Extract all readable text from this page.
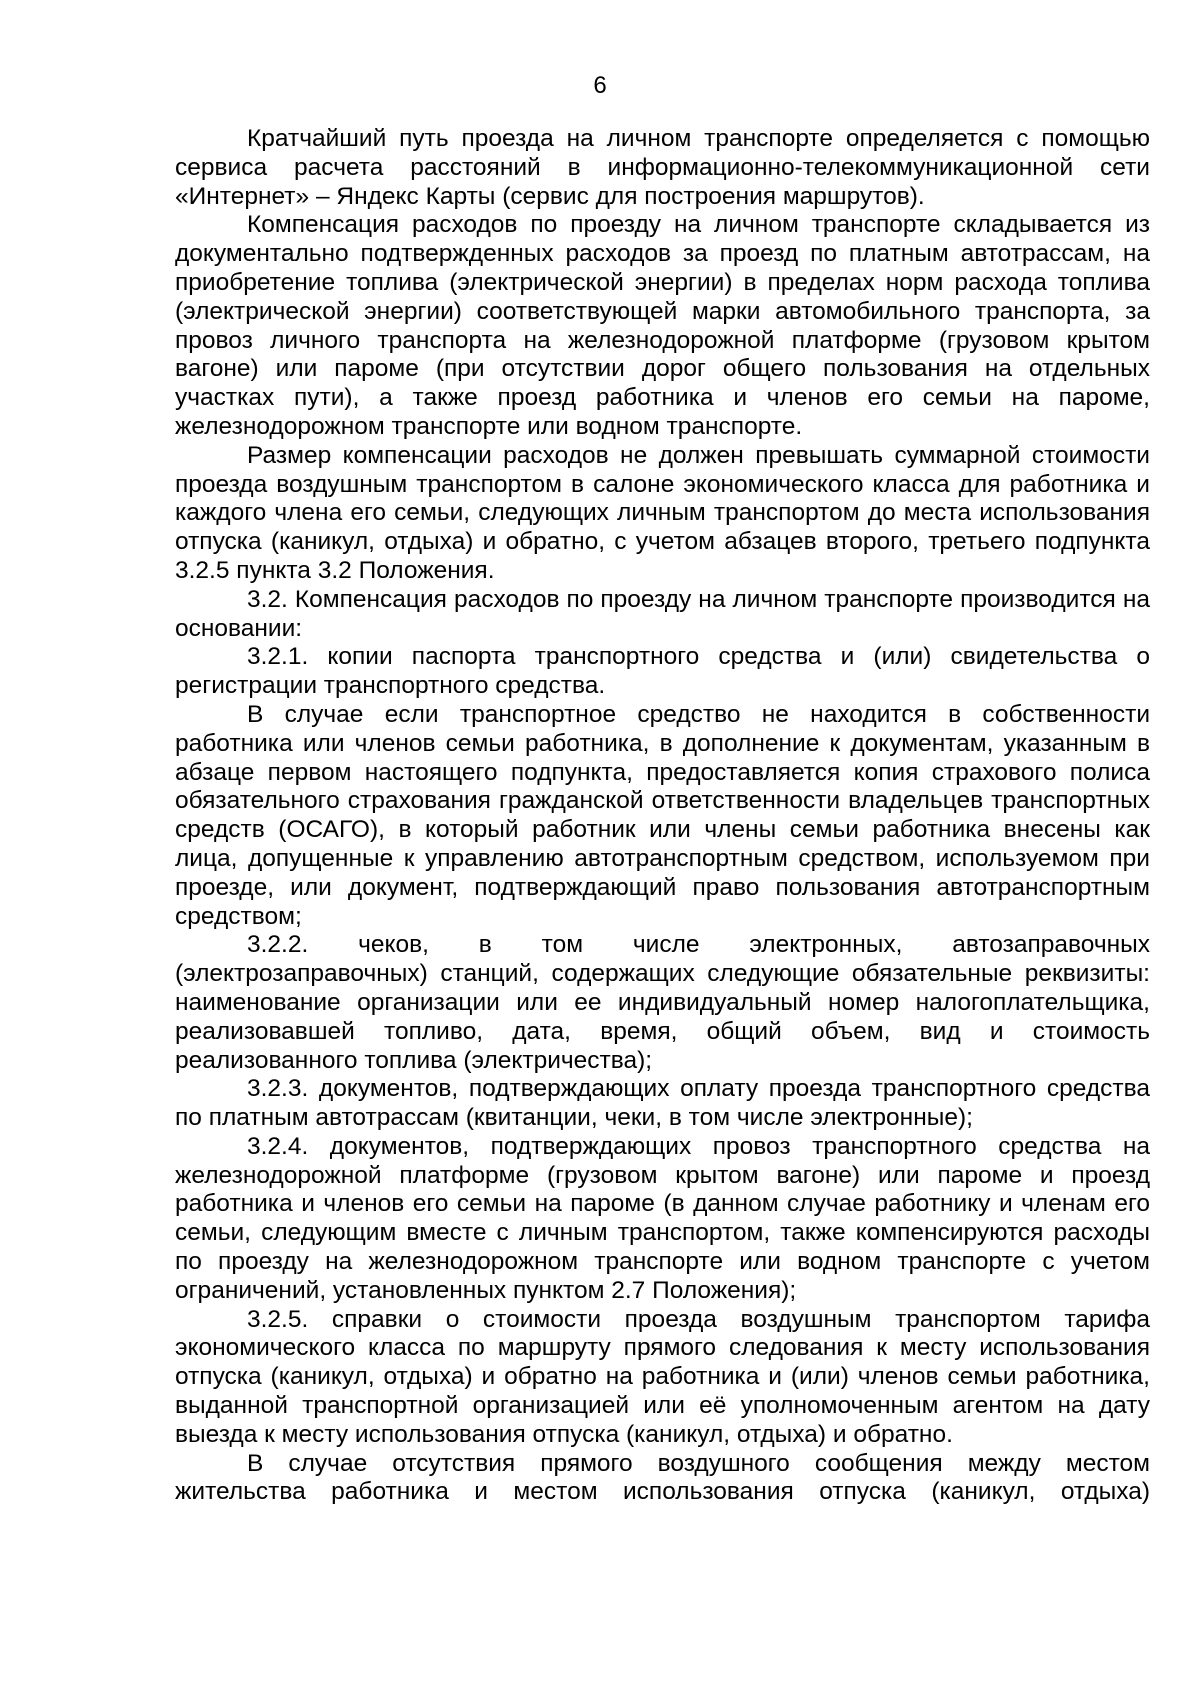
6

Кратчайший путь проезда на личном транспорте определяется с помощью сервиса расчета расстояний в информационно-телекоммуникационной сети «Интернет» – Яндекс Карты (сервис для построения маршрутов).

Компенсация расходов по проезду на личном транспорте складывается из документально подтвержденных расходов за проезд по платным автотрассам, на приобретение топлива (электрической энергии) в пределах норм расхода топлива (электрической энергии) соответствующей марки автомобильного транспорта, за провоз личного транспорта на железнодорожной платформе (грузовом крытом вагоне) или пароме (при отсутствии дорог общего пользования на отдельных участках пути), а также проезд работника и членов его семьи на пароме, железнодорожном транспорте или водном транспорте.

Размер компенсации расходов не должен превышать суммарной стоимости проезда воздушным транспортом в салоне экономического класса для работника и каждого члена его семьи, следующих личным транспортом до места использования отпуска (каникул, отдыха) и обратно, с учетом абзацев второго, третьего подпункта 3.2.5 пункта 3.2 Положения.

3.2. Компенсация расходов по проезду на личном транспорте производится на основании:

3.2.1. копии паспорта транспортного средства и (или) свидетельства о регистрации транспортного средства.

В случае если транспортное средство не находится в собственности работника или членов семьи работника, в дополнение к документам, указанным в абзаце первом настоящего подпункта, предоставляется копия страхового полиса обязательного страхования гражданской ответственности владельцев транспортных средств (ОСАГО), в который работник или члены семьи работника внесены как лица, допущенные к управлению автотранспортным средством, используемом при проезде, или документ, подтверждающий право пользования автотранспортным средством;

3.2.2. чеков, в том числе электронных, автозаправочных (электрозаправочных) станций, содержащих следующие обязательные реквизиты: наименование организации или ее индивидуальный номер налогоплательщика, реализовавшей топливо, дата, время, общий объем, вид и стоимость реализованного топлива (электричества);

3.2.3. документов, подтверждающих оплату проезда транспортного средства по платным автотрассам (квитанции, чеки, в том числе электронные);

3.2.4. документов, подтверждающих провоз транспортного средства на железнодорожной платформе (грузовом крытом вагоне) или пароме и проезд работника и членов его семьи на пароме (в данном случае работнику и членам его семьи, следующим вместе с личным транспортом, также компенсируются расходы по проезду на железнодорожном транспорте или водном транспорте с учетом ограничений, установленных пунктом 2.7 Положения);

3.2.5. справки о стоимости проезда воздушным транспортом тарифа экономического класса по маршруту прямого следования к месту использования отпуска (каникул, отдыха) и обратно на работника и (или) членов семьи работника, выданной транспортной организацией или её уполномоченным агентом на дату выезда к месту использования отпуска (каникул, отдыха) и обратно.

В случае отсутствия прямого воздушного сообщения между местом жительства работника и местом использования отпуска (каникул, отдыха)
